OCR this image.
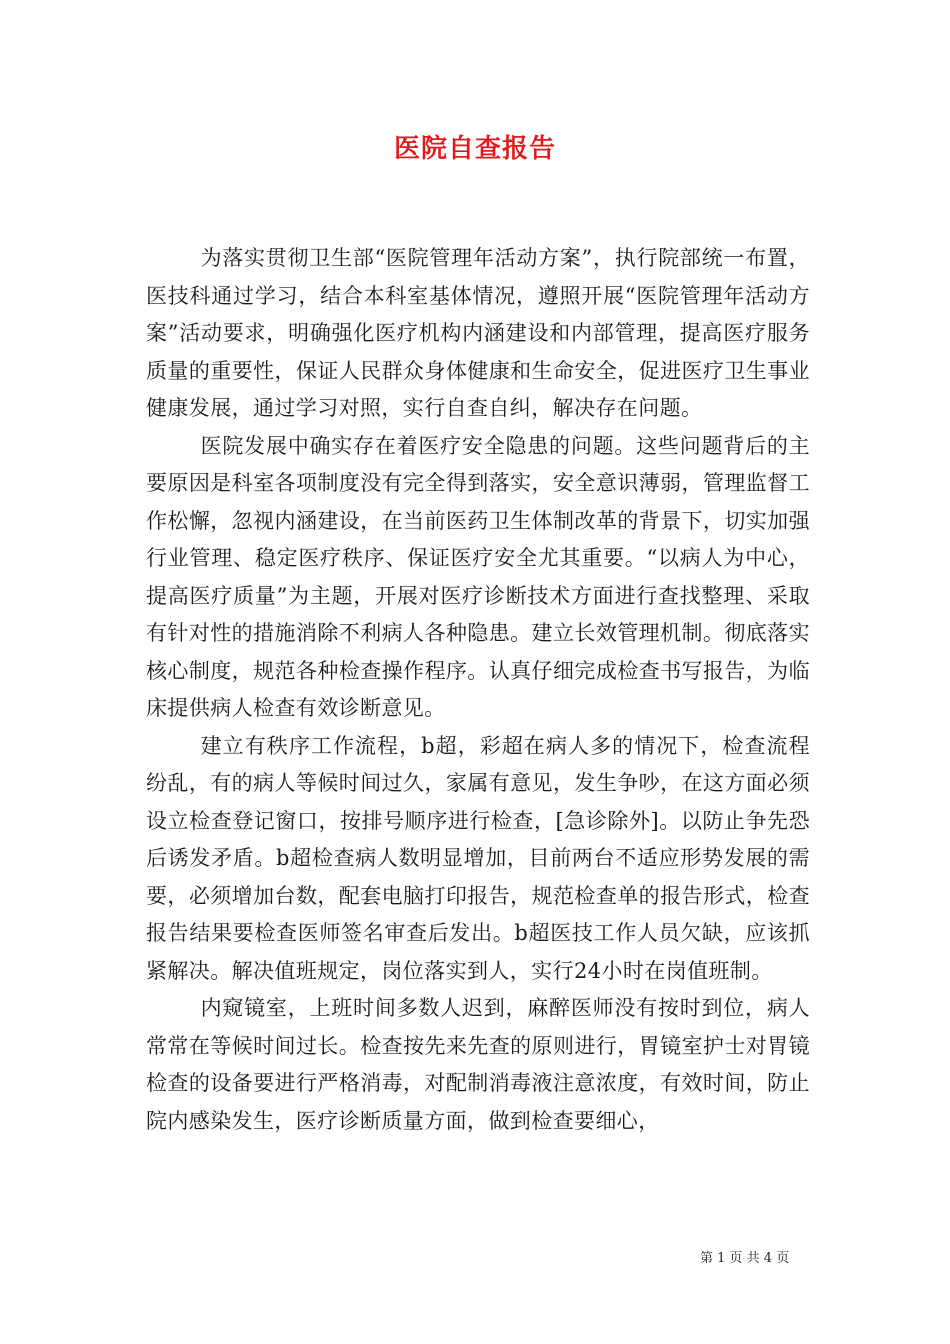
医院自查报告

为落实贯彻卫生部“医院管理年活动方案”，执行院部统一布置，医技科通过学习，结合本科室基体情况，遵照开展“医院管理年活动方案”活动要求，明确强化医疗机构内涵建设和内部管理，提高医疗服务质量的重要性，保证人民群众身体健康和生命安全，促进医疗卫生事业健康发展，通过学习对照，实行自查自纠，解决存在问题。

医院发展中确实存在着医疗安全隐患的问题。这些问题背后的主要原因是科室各项制度没有完全得到落实，安全意识薄弱，管理监督工作松懈，忽视内涵建设，在当前医药卫生体制改革的背景下，切实加强行业管理、稳定医疗秩序、保证医疗安全尤其重要。“以病人为中心，提高医疗质量”为主题，开展对医疗诊断技术方面进行查找整理、采取有针对性的措施消除不利病人各种隐患。建立长效管理机制。彻底落实核心制度，规范各种检查操作程序。认真仔细完成检查书写报告，为临床提供病人检查有效诊断意见。

建立有秩序工作流程，b超，彩超在病人多的情况下，检查流程纷乱，有的病人等候时间过久，家属有意见，发生争吵，在这方面必须设立检查登记窗口，按排号顺序进行检查，[急诊除外]。以防止争先恐后诱发矛盾。b超检查病人数明显增加，目前两台不适应形势发展的需要，必须增加台数，配套电脑打印报告，规范检查单的报告形式，检查报告结果要检查医师签名审查后发出。b超医技工作人员欠缺，应该抓紧解决。解决值班规定，岗位落实到人，实行24小时在岗值班制。

内窥镜室，上班时间多数人迟到，麻醉医师没有按时到位，病人常常在等候时间过长。检查按先来先查的原则进行，胃镜室护士对胃镜检查的设备要进行严格消毒，对配制消毒液注意浓度，有效时间，防止院内感染发生，医疗诊断质量方面，做到检查要细心，

第 1 页 共 4 页
